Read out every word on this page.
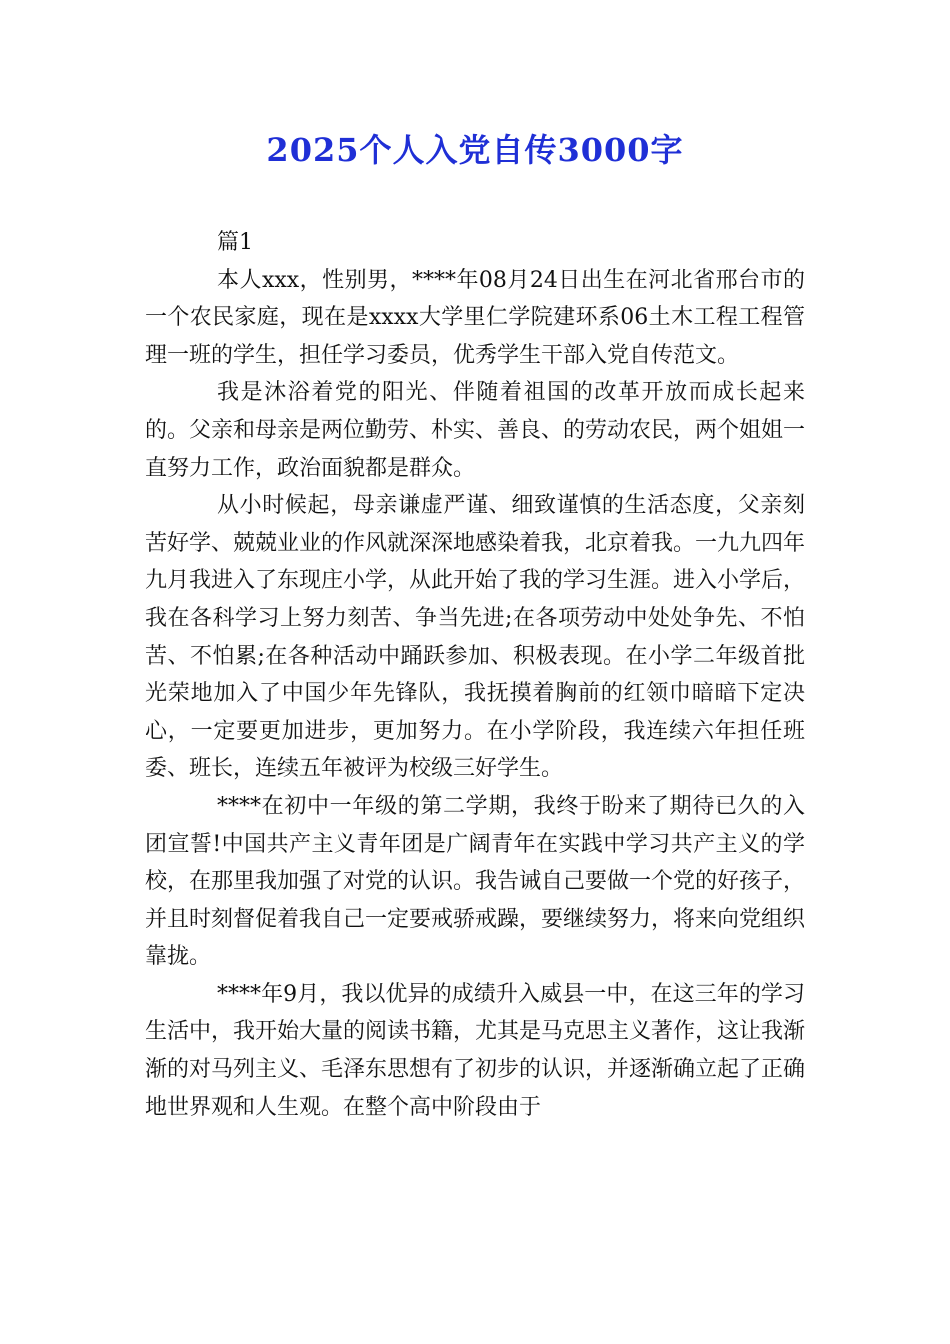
2025个人入党自传3000字

篇1

本人xxx，性别男，****年08月24日出生在河北省邢台市的一个农民家庭，现在是xxxx大学里仁学院建环系06土木工程工程管理一班的学生，担任学习委员，优秀学生干部入党自传范文。

我是沐浴着党的阳光、伴随着祖国的改革开放而成长起来的。父亲和母亲是两位勤劳、朴实、善良、的劳动农民，两个姐姐一直努力工作，政治面貌都是群众。

从小时候起，母亲谦虚严谨、细致谨慎的生活态度，父亲刻苦好学、兢兢业业的作风就深深地感染着我，北京着我。一九九四年九月我进入了东现庄小学，从此开始了我的学习生涯。进入小学后，我在各科学习上努力刻苦、争当先进;在各项劳动中处处争先、不怕苦、不怕累;在各种活动中踊跃参加、积极表现。在小学二年级首批光荣地加入了中国少年先锋队，我抚摸着胸前的红领巾暗暗下定决心，一定要更加进步，更加努力。在小学阶段，我连续六年担任班委、班长，连续五年被评为校级三好学生。

****在初中一年级的第二学期，我终于盼来了期待已久的入团宣誓!中国共产主义青年团是广阔青年在实践中学习共产主义的学校，在那里我加强了对党的认识。我告诫自己要做一个党的好孩子，并且时刻督促着我自己一定要戒骄戒躁，要继续努力，将来向党组织靠拢。

****年9月，我以优异的成绩升入威县一中，在这三年的学习生活中，我开始大量的阅读书籍，尤其是马克思主义著作，这让我渐渐的对马列主义、毛泽东思想有了初步的认识，并逐渐确立起了正确地世界观和人生观。在整个高中阶段由于
